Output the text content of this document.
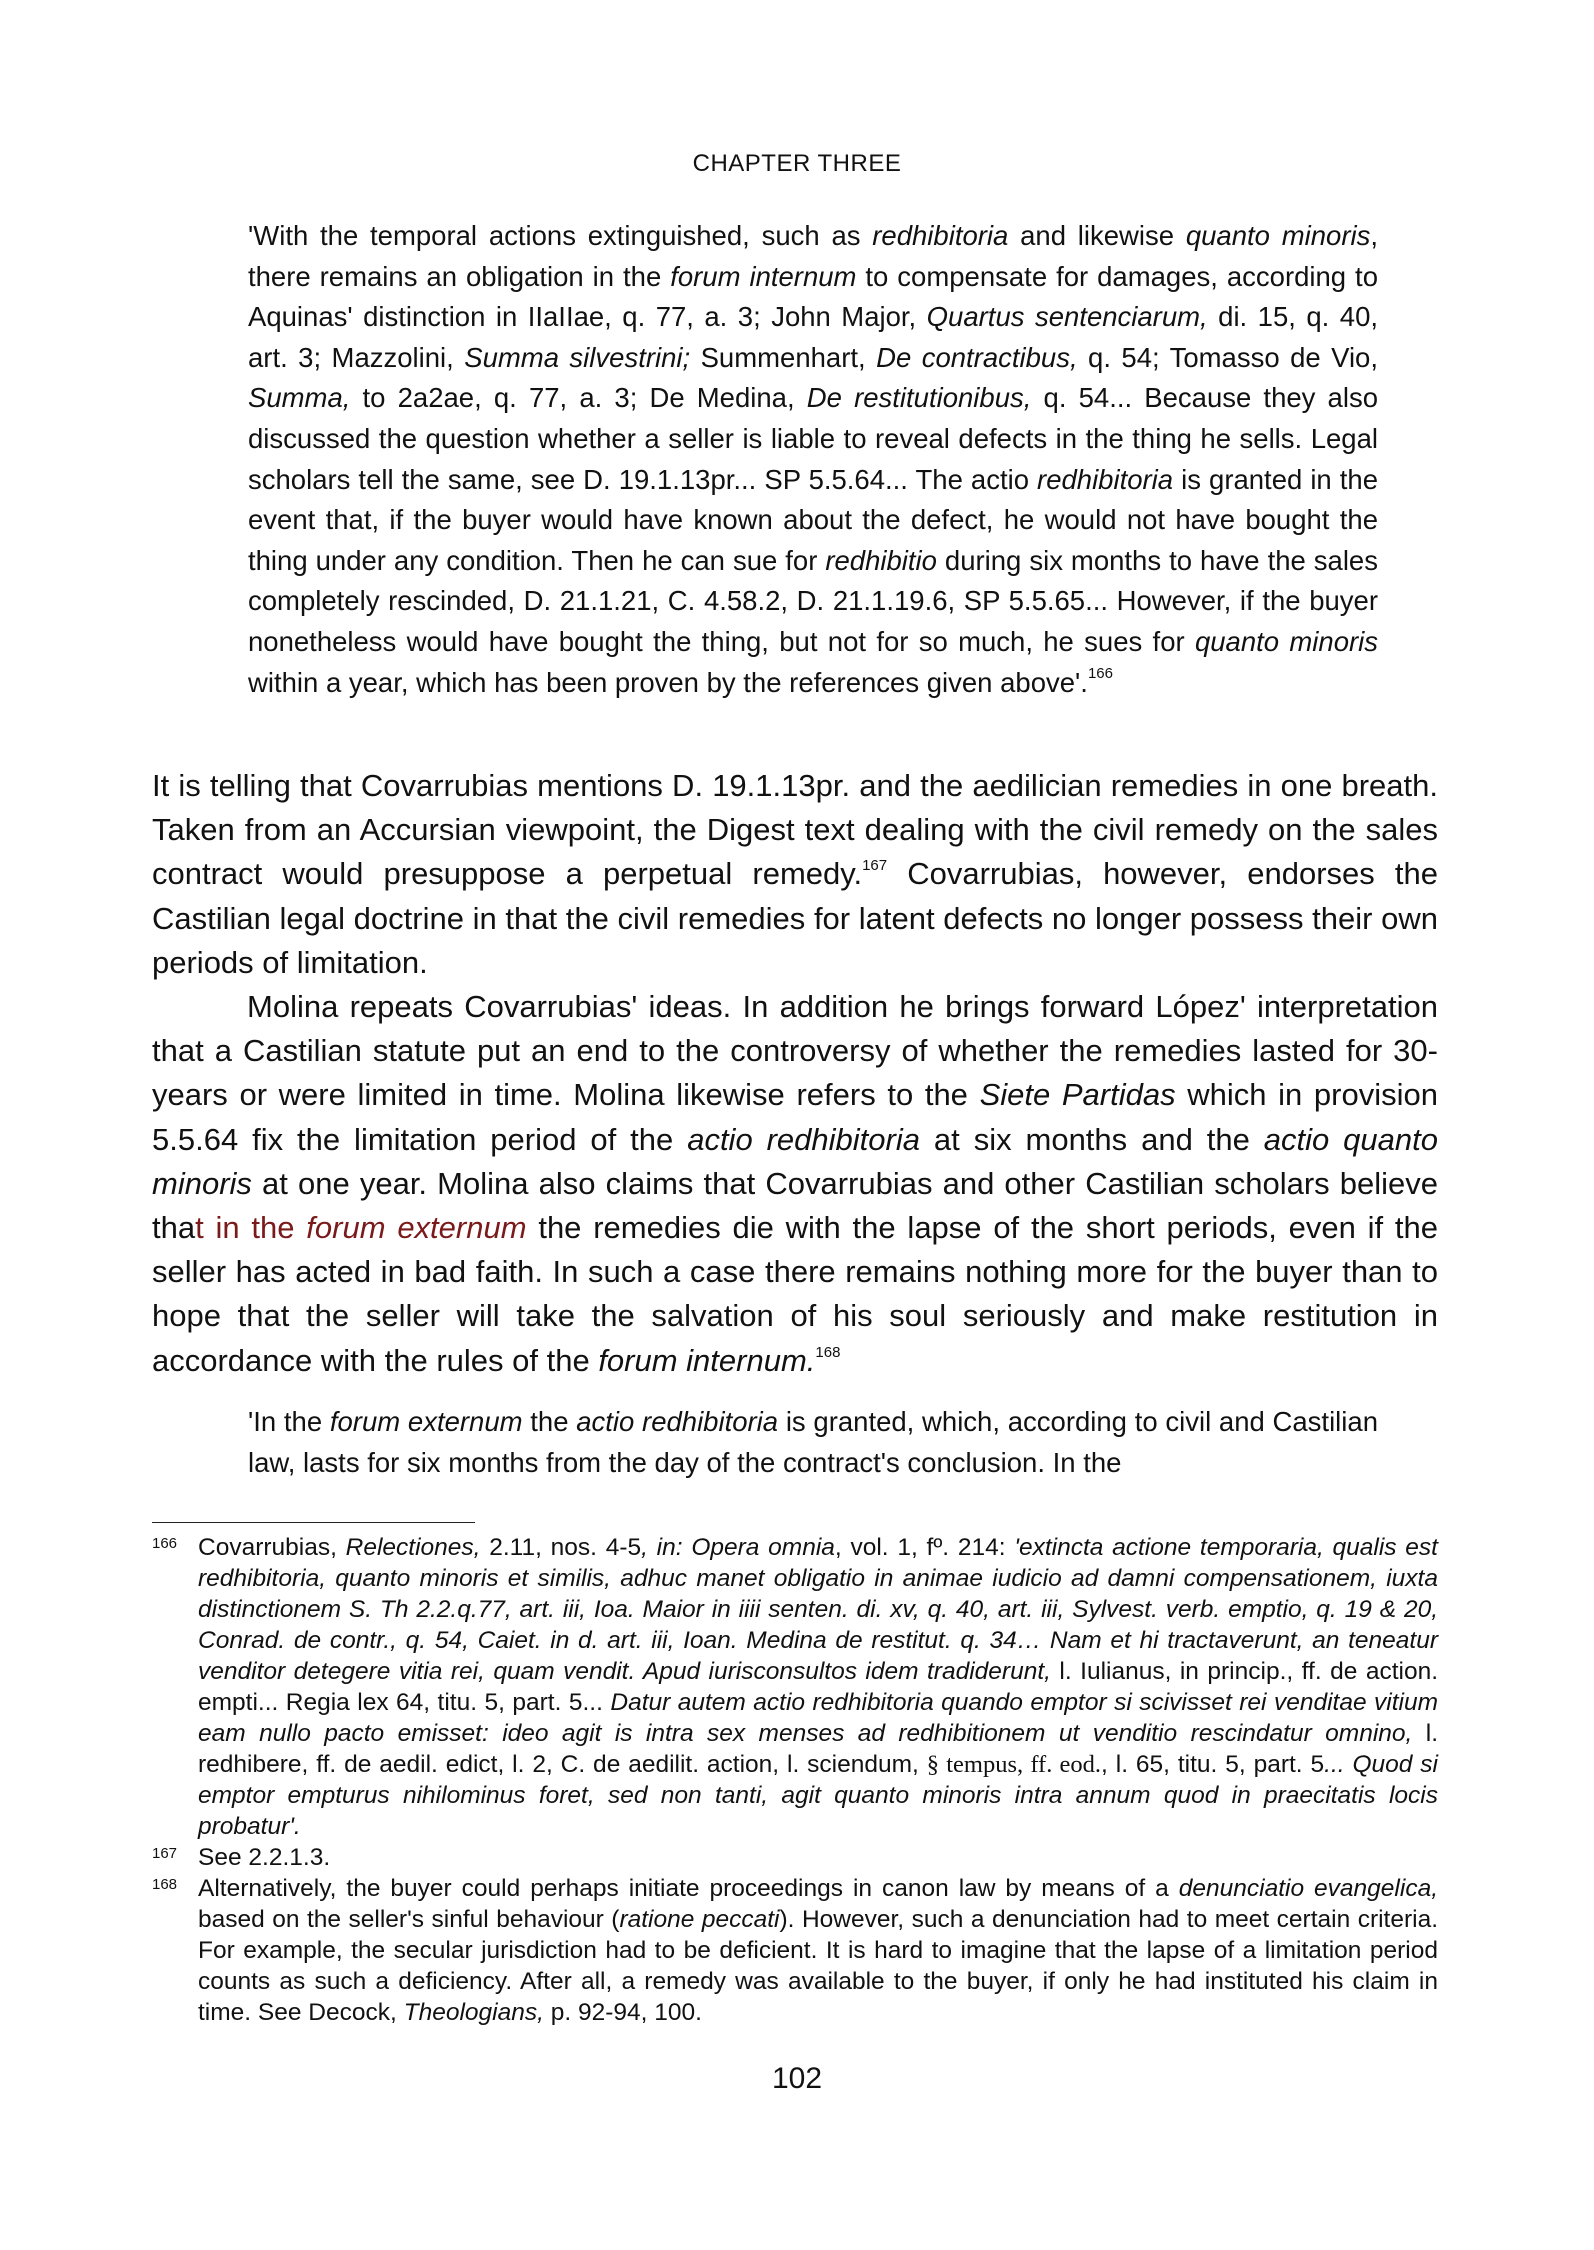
CHAPTER THREE
'With the temporal actions extinguished, such as redhibitoria and likewise quanto minoris, there remains an obligation in the forum internum to compensate for damages, according to Aquinas' distinction in IIaIIae, q. 77, a. 3; John Major, Quartus sentenciarum, di. 15, q. 40, art. 3; Mazzolini, Summa silvestrini; Summenhart, De contractibus, q. 54; Tomasso de Vio, Summa, to 2a2ae, q. 77, a. 3; De Medina, De restitutionibus, q. 54... Because they also discussed the question whether a seller is liable to reveal defects in the thing he sells. Legal scholars tell the same, see D. 19.1.13pr... SP 5.5.64... The actio redhibitoria is granted in the event that, if the buyer would have known about the defect, he would not have bought the thing under any condition. Then he can sue for redhibitio during six months to have the sales completely rescinded, D. 21.1.21, C. 4.58.2, D. 21.1.19.6, SP 5.5.65... However, if the buyer nonetheless would have bought the thing, but not for so much, he sues for quanto minoris within a year, which has been proven by the references given above'.$^{166}$

It is telling that Covarrubias mentions D. 19.1.13pr. and the aedilician remedies in one breath. Taken from an Accursian viewpoint, the Digest text dealing with the civil remedy on the sales contract would presuppose a perpetual remedy.$^{167}$ Covarrubias, however, endorses the Castilian legal doctrine in that the civil remedies for latent defects no longer possess their own periods of limitation.

Molina repeats Covarrubias' ideas. In addition he brings forward López' interpretation that a Castilian statute put an end to the controversy of whether the remedies lasted for 30-years or were limited in time. Molina likewise refers to the Siete Partidas which in provision 5.5.64 fix the limitation period of the actio redhibitoria at six months and the actio quanto minoris at one year. Molina also claims that Covarrubias and other Castilian scholars believe that in the forum externum the remedies die with the lapse of the short periods, even if the seller has acted in bad faith. In such a case there remains nothing more for the buyer than to hope that the seller will take the salvation of his soul seriously and make restitution in accordance with the rules of the forum internum.$^{168}$

'In the forum externum the actio redhibitoria is granted, which, according to civil and Castilian law, lasts for six months from the day of the contract's conclusion. In the
166 Covarrubias, Relectiones, 2.11, nos. 4-5, in: Opera omnia, vol. 1, fº. 214: 'extincta actione temporaria, qualis est redhibitoria, quanto minoris et similis, adhuc manet obligatio in animae iudicio ad damni compensationem, iuxta distinctionem S. Th 2.2.q.77, art. iii, Ioa. Maior in iiii senten. di. xv, q. 40, art. iii, Sylvest. verb. emptio, q. 19 & 20, Conrad. de contr., q. 54, Caiet. in d. art. iii, Ioan. Medina de restitut. q. 34… Nam et hi tractaverunt, an teneatur venditor detegere vitia rei, quam vendit. Apud iurisconsultos idem tradiderunt, l. Iulianus, in princip., ff. de action. empti... Regia lex 64, titu. 5, part. 5... Datur autem actio redhibitoria quando emptor si scivisset rei venditae vitium eam nullo pacto emisset: ideo agit is intra sex menses ad redhibitionem ut venditio rescindatur omnino, l. redhibere, ff. de aedil. edict, l. 2, C. de aedilit. action, l. sciendum, § tempus, ff. eod., l. 65, titu. 5, part. 5... Quod si emptor empturus nihilominus foret, sed non tanti, agit quanto minoris intra annum quod in praecitatis locis probatur'.
167 See 2.2.1.3.
168 Alternatively, the buyer could perhaps initiate proceedings in canon law by means of a denunciatio evangelica, based on the seller's sinful behaviour (ratione peccati). However, such a denunciation had to meet certain criteria. For example, the secular jurisdiction had to be deficient. It is hard to imagine that the lapse of a limitation period counts as such a deficiency. After all, a remedy was available to the buyer, if only he had instituted his claim in time. See Decock, Theologians, p. 92-94, 100.
102
